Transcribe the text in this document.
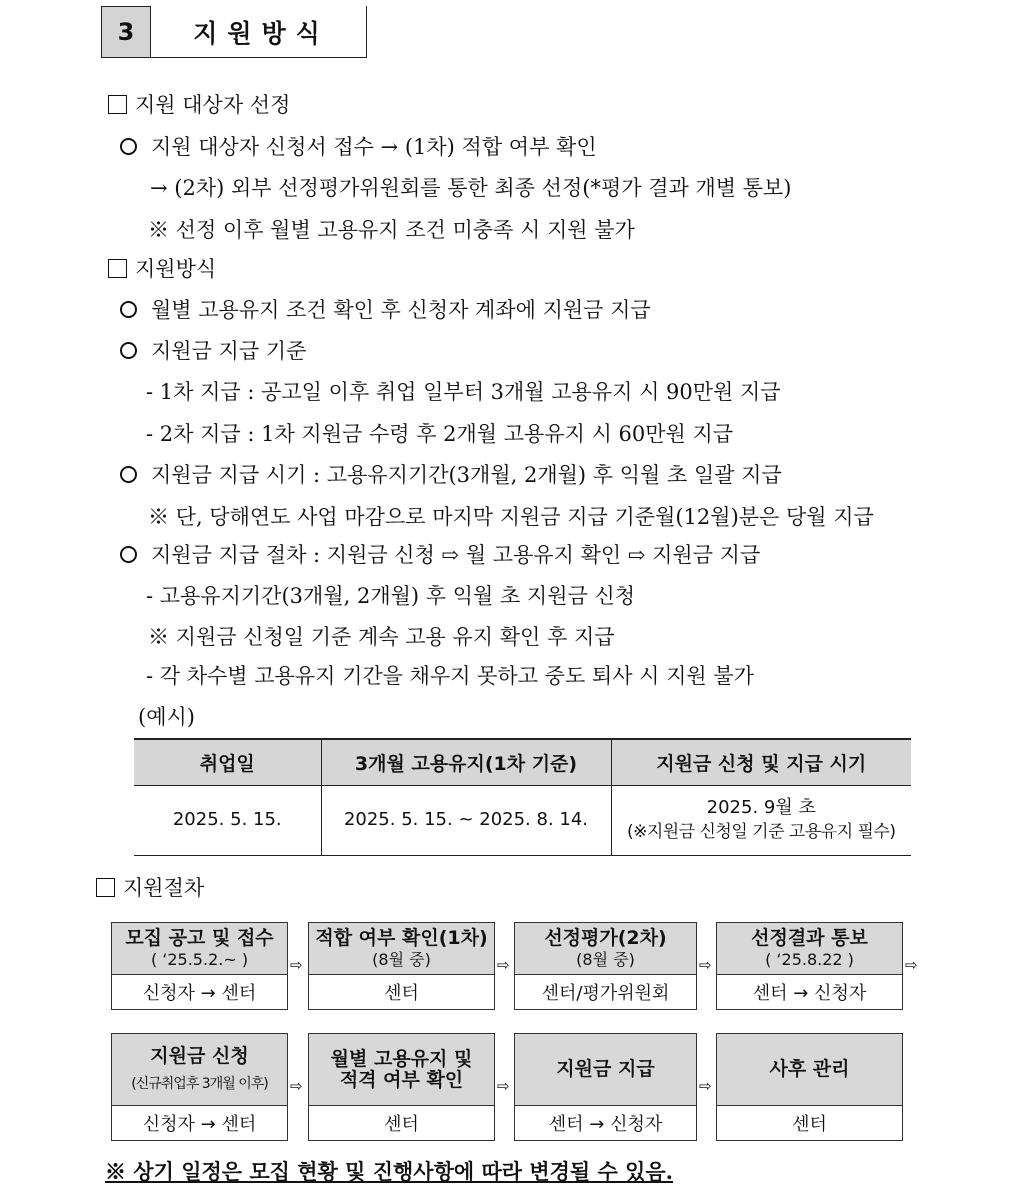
3	지원방식
지원 대상자 선정
지원 대상자 신청서 접수 → (1차) 적합 여부 확인
→ (2차) 외부 선정평가위원회를 통한 최종 선정(*평가 결과 개별 통보)
※ 선정 이후 월별 고용유지 조건 미충족 시 지원 불가
지원방식
월별 고용유지 조건 확인 후 신청자 계좌에 지원금 지급
지원금 지급 기준
- 1차 지급 : 공고일 이후 취업 일부터 3개월 고용유지 시 90만원 지급
- 2차 지급 : 1차 지원금 수령 후 2개월 고용유지 시 60만원 지급
지원금 지급 시기 : 고용유지기간(3개월, 2개월) 후 익월 초 일괄 지급
※ 단, 당해연도 사업 마감으로 마지막 지원금 지급 기준월(12월)분은 당월 지급
지원금 지급 절차 : 지원금 신청 ⇨ 월 고용유지 확인 ⇨ 지원금 지급
- 고용유지기간(3개월, 2개월) 후 익월 초 지원금 신청
※ 지원금 신청일 기준 계속 고용 유지 확인 후 지급
- 각 차수별 고용유지 기간을 채우지 못하고 중도 퇴사 시 지원 불가
(예시)
취업일	3개월 고용유지(1차 기준)	지원금 신청 및 지급 시기
2025. 5. 15.	2025. 5. 15. ~ 2025. 8. 14.	2025. 9월 초
(※지원금 신청일 기준 고용유지 필수)
지원절차
모집 공고 및 접수
( ‘25.5.2.~ )
신청자 → 센터
⇨
적합 여부 확인(1차)
(8월 중)
센터
⇨
선정평가(2차)
(8월 중)
센터/평가위원회
⇨
선정결과 통보
( ‘25.8.22 )
센터 → 신청자
⇨
지원금 신청
(신규취업후 3개월 이후)
신청자 → 센터
⇨
월별 고용유지 및 적격 여부 확인
센터
⇨
지원금 지급
센터 → 신청자
⇨
사후 관리
센터
※ 상기 일정은 모집 현황 및 진행사항에 따라 변경될 수 있음.
